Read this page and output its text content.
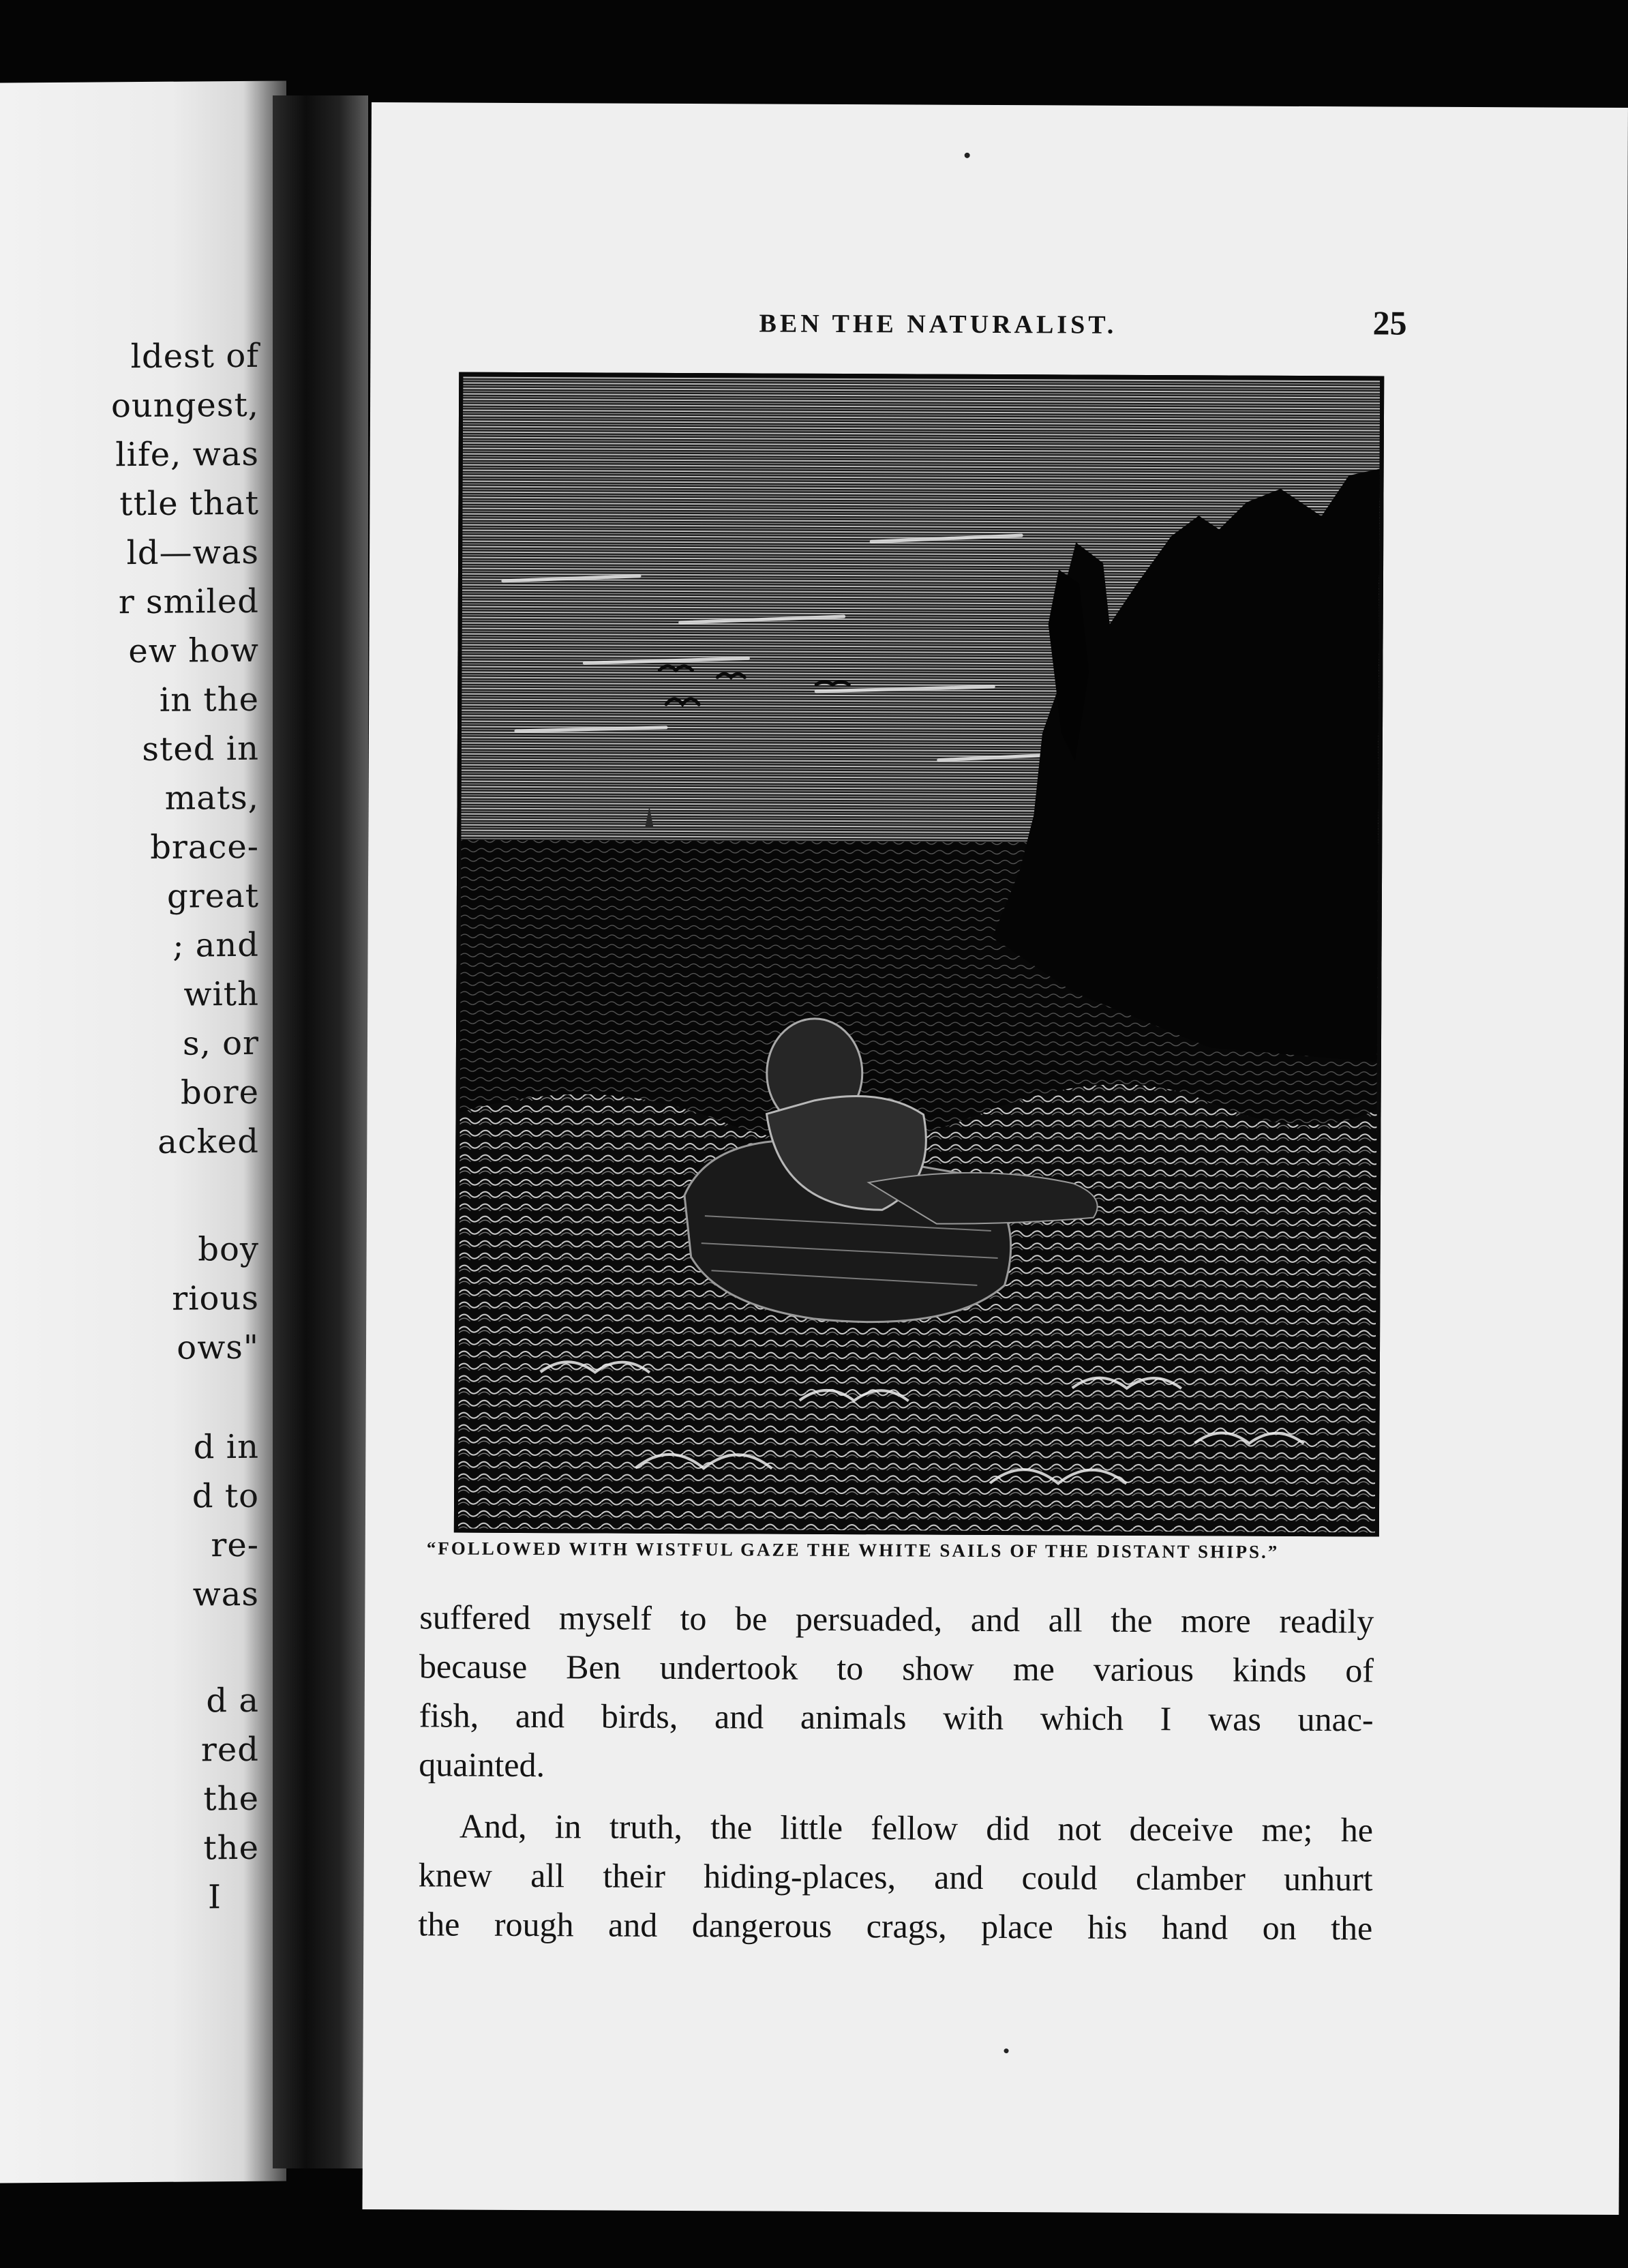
ldest of
oungest,
life, was
ttle that
ld—was
r smiled
ew how
in the
sted in
mats,
brace-
great
; and
with
s, or
bore
acked
boy
rious
ows"
d in
d to
re-
was
d a
red
the
the
I
BEN THE NATURALIST.	25
“FOLLOWED WITH WISTFUL GAZE THE WHITE SAILS OF THE DISTANT SHIPS.”
suffered myself to be persuaded, and all the more readily
because Ben undertook to show me various kinds of
fish, and birds, and animals with which I was unac-
quainted.
And, in truth, the little fellow did not deceive me; he
knew all their hiding-places, and could clamber unhurt
the rough and dangerous crags, place his hand on the
